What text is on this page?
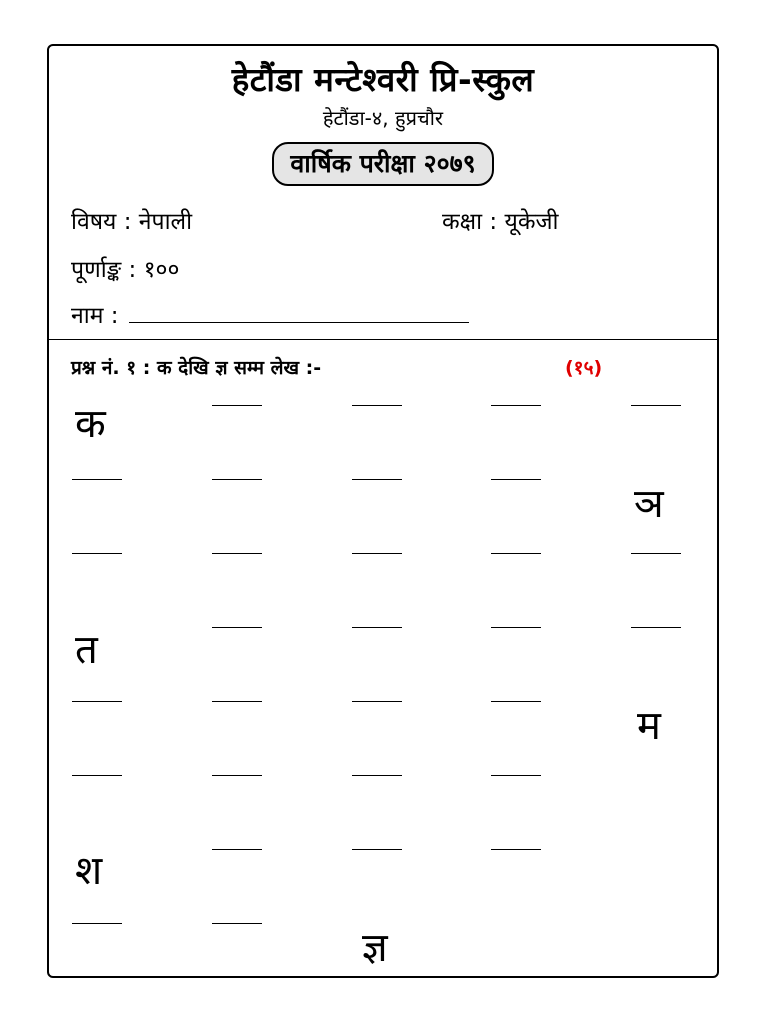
हेटौंडा मन्टेश्वरी प्रि-स्कुल
हेटौंडा-४, हुप्रचौर
वार्षिक परीक्षा २०७९
विषय : नेपाली	कक्षा : यूकेजी
पूर्णाङ्क : १००
नाम :
प्रश्न नं. १ : क देखि ज्ञ सम्म लेख :-	(१५)
क
ञ
त
म
श
ज्ञ
